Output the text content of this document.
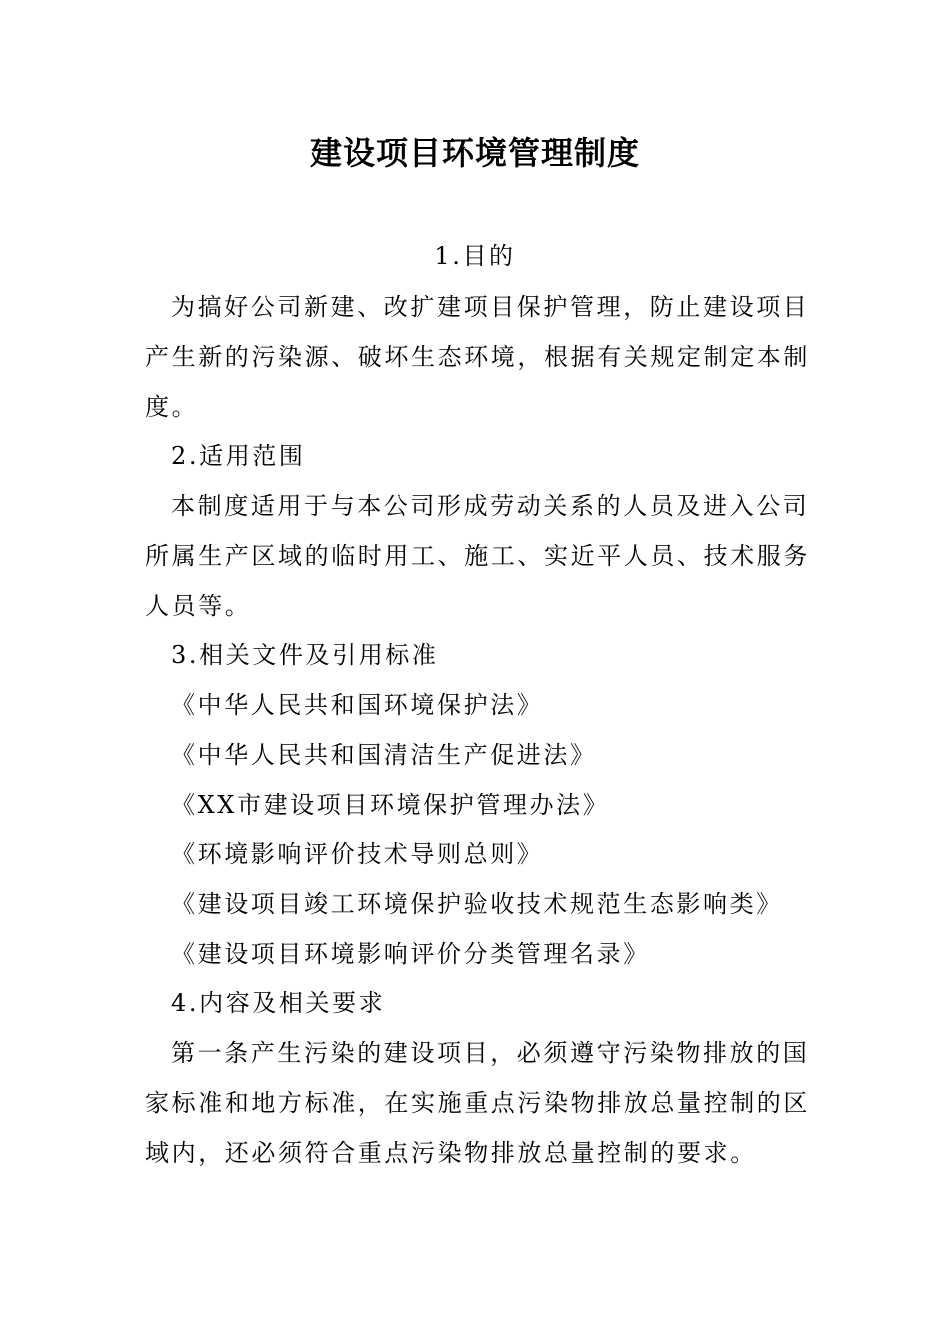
建设项目环境管理制度
1.目的
为搞好公司新建、改扩建项目保护管理，防止建设项目
产生新的污染源、破坏生态环境，根据有关规定制定本制
度。
2.适用范围
本制度适用于与本公司形成劳动关系的人员及进入公司
所属生产区域的临时用工、施工、实近平人员、技术服务
人员等。
3.相关文件及引用标准
《中华人民共和国环境保护法》
《中华人民共和国清洁生产促进法》
《XX市建设项目环境保护管理办法》
《环境影响评价技术导则总则》
《建设项目竣工环境保护验收技术规范生态影响类》
《建设项目环境影响评价分类管理名录》
4.内容及相关要求
第一条产生污染的建设项目，必须遵守污染物排放的国
家标准和地方标准，在实施重点污染物排放总量控制的区
域内，还必须符合重点污染物排放总量控制的要求。
